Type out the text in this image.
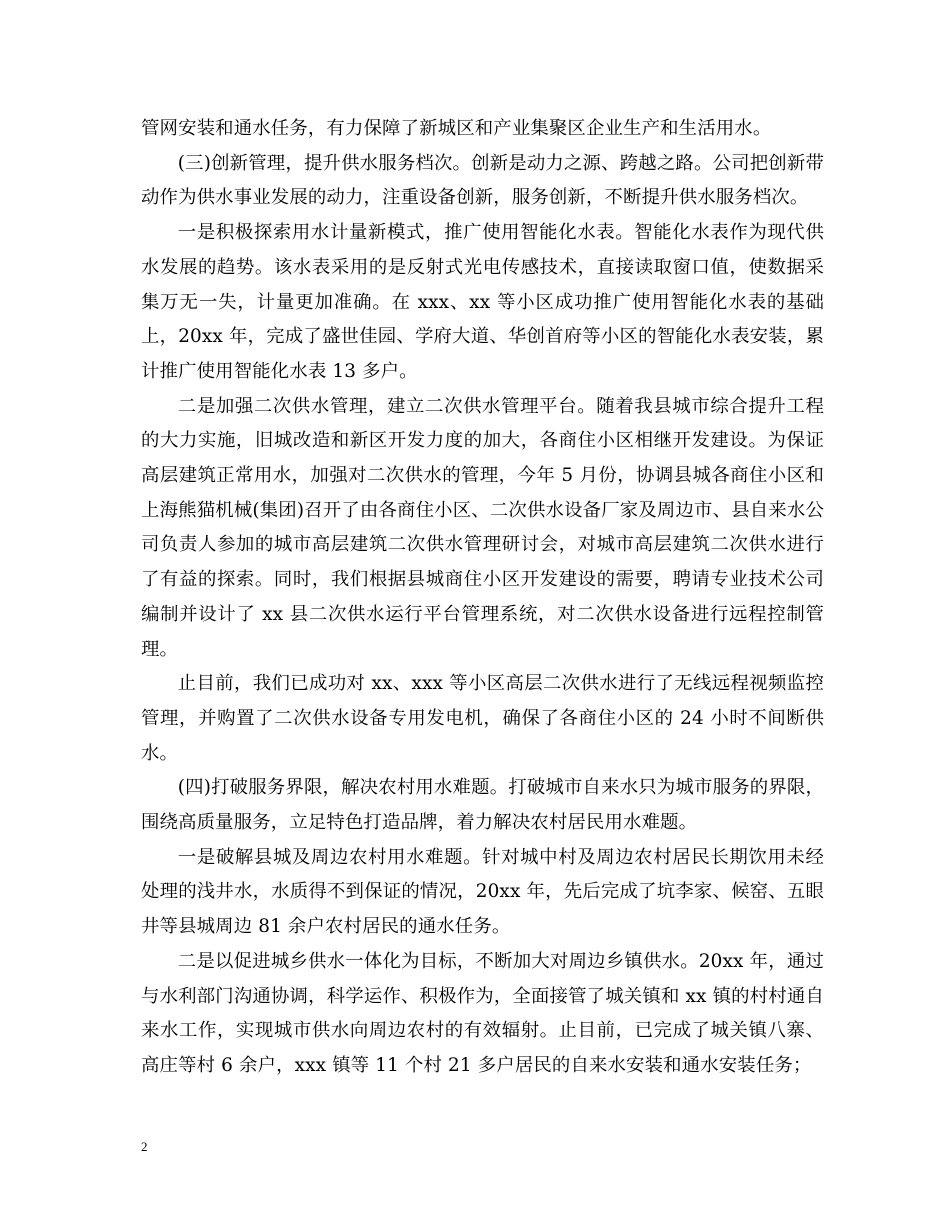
管网安装和通水任务，有力保障了新城区和产业集聚区企业生产和生活用水。

(三)创新管理，提升供水服务档次。创新是动力之源、跨越之路。公司把创新带动作为供水事业发展的动力，注重设备创新，服务创新，不断提升供水服务档次。

一是积极探索用水计量新模式，推广使用智能化水表。智能化水表作为现代供水发展的趋势。该水表采用的是反射式光电传感技术，直接读取窗口值，使数据采集万无一失，计量更加准确。在 xxx、xx 等小区成功推广使用智能化水表的基础上，20xx 年，完成了盛世佳园、学府大道、华创首府等小区的智能化水表安装，累计推广使用智能化水表 13 多户。

二是加强二次供水管理，建立二次供水管理平台。随着我县城市综合提升工程的大力实施，旧城改造和新区开发力度的加大，各商住小区相继开发建设。为保证高层建筑正常用水，加强对二次供水的管理，今年 5 月份，协调县城各商住小区和上海熊猫机械(集团)召开了由各商住小区、二次供水设备厂家及周边市、县自来水公司负责人参加的城市高层建筑二次供水管理研讨会，对城市高层建筑二次供水进行了有益的探索。同时，我们根据县城商住小区开发建设的需要，聘请专业技术公司编制并设计了 xx 县二次供水运行平台管理系统，对二次供水设备进行远程控制管理。

止目前，我们已成功对 xx、xxx 等小区高层二次供水进行了无线远程视频监控管理，并购置了二次供水设备专用发电机，确保了各商住小区的 24 小时不间断供水。

(四)打破服务界限，解决农村用水难题。打破城市自来水只为城市服务的界限，围绕高质量服务，立足特色打造品牌，着力解决农村居民用水难题。

一是破解县城及周边农村用水难题。针对城中村及周边农村居民长期饮用未经处理的浅井水，水质得不到保证的情况，20xx 年，先后完成了坑李家、候窑、五眼井等县城周边 81 余户农村居民的通水任务。

二是以促进城乡供水一体化为目标，不断加大对周边乡镇供水。20xx 年，通过与水利部门沟通协调，科学运作、积极作为，全面接管了城关镇和 xx 镇的村村通自来水工作，实现城市供水向周边农村的有效辐射。止目前，已完成了城关镇八寨、高庄等村 6 余户，xxx 镇等 11 个村 21 多户居民的自来水安装和通水安装任务；

2
